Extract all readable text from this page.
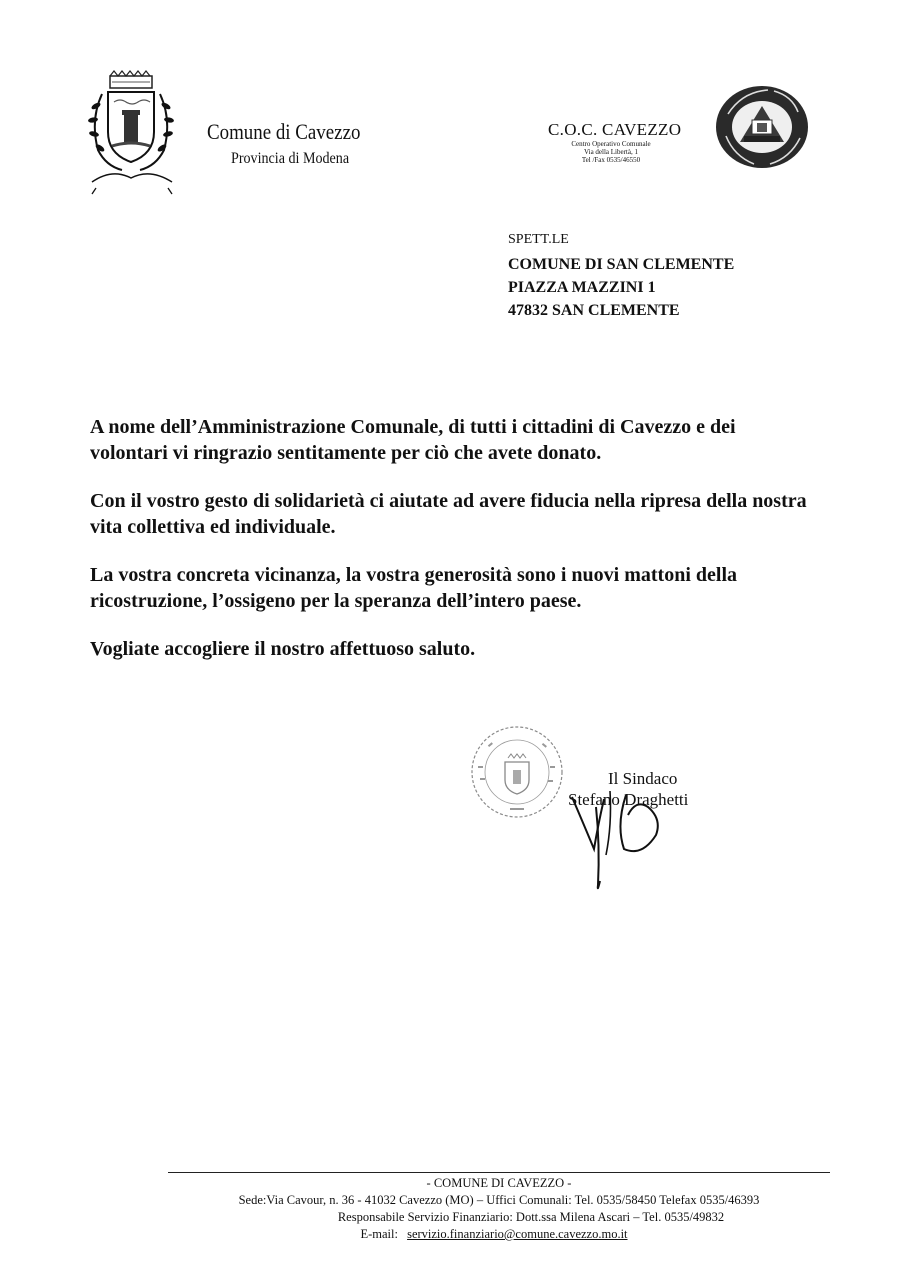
Comune di Cavezzo
Provincia di Modena
C.O.C. CAVEZZO
Centro Operativo Comunale
Via della Libertà, 1
Tel /Fax 0535/46550
SPETT.LE
COMUNE DI SAN CLEMENTE
PIAZZA MAZZINI 1
47832 SAN CLEMENTE

A nome dell’Amministrazione Comunale, di tutti i cittadini di Cavezzo e dei volontari vi ringrazio sentitamente per ciò che avete donato.

Con il vostro gesto di solidarietà ci aiutate ad avere fiducia nella ripresa della nostra vita collettiva ed individuale.

La vostra concreta vicinanza, la vostra generosità sono i nuovi mattoni della ricostruzione, l’ossigeno per la speranza dell’intero paese.

Vogliate accogliere il nostro affettuoso saluto.

Il Sindaco
Stefano Draghetti
- COMUNE DI CAVEZZO -
Sede:Via Cavour, n. 36 - 41032 Cavezzo (MO) – Uffici Comunali: Tel. 0535/58450 Telefax 0535/46393
Responsabile Servizio Finanziario: Dott.ssa Milena Ascari – Tel. 0535/49832
E-mail: servizio.finanziario@comune.cavezzo.mo.it
